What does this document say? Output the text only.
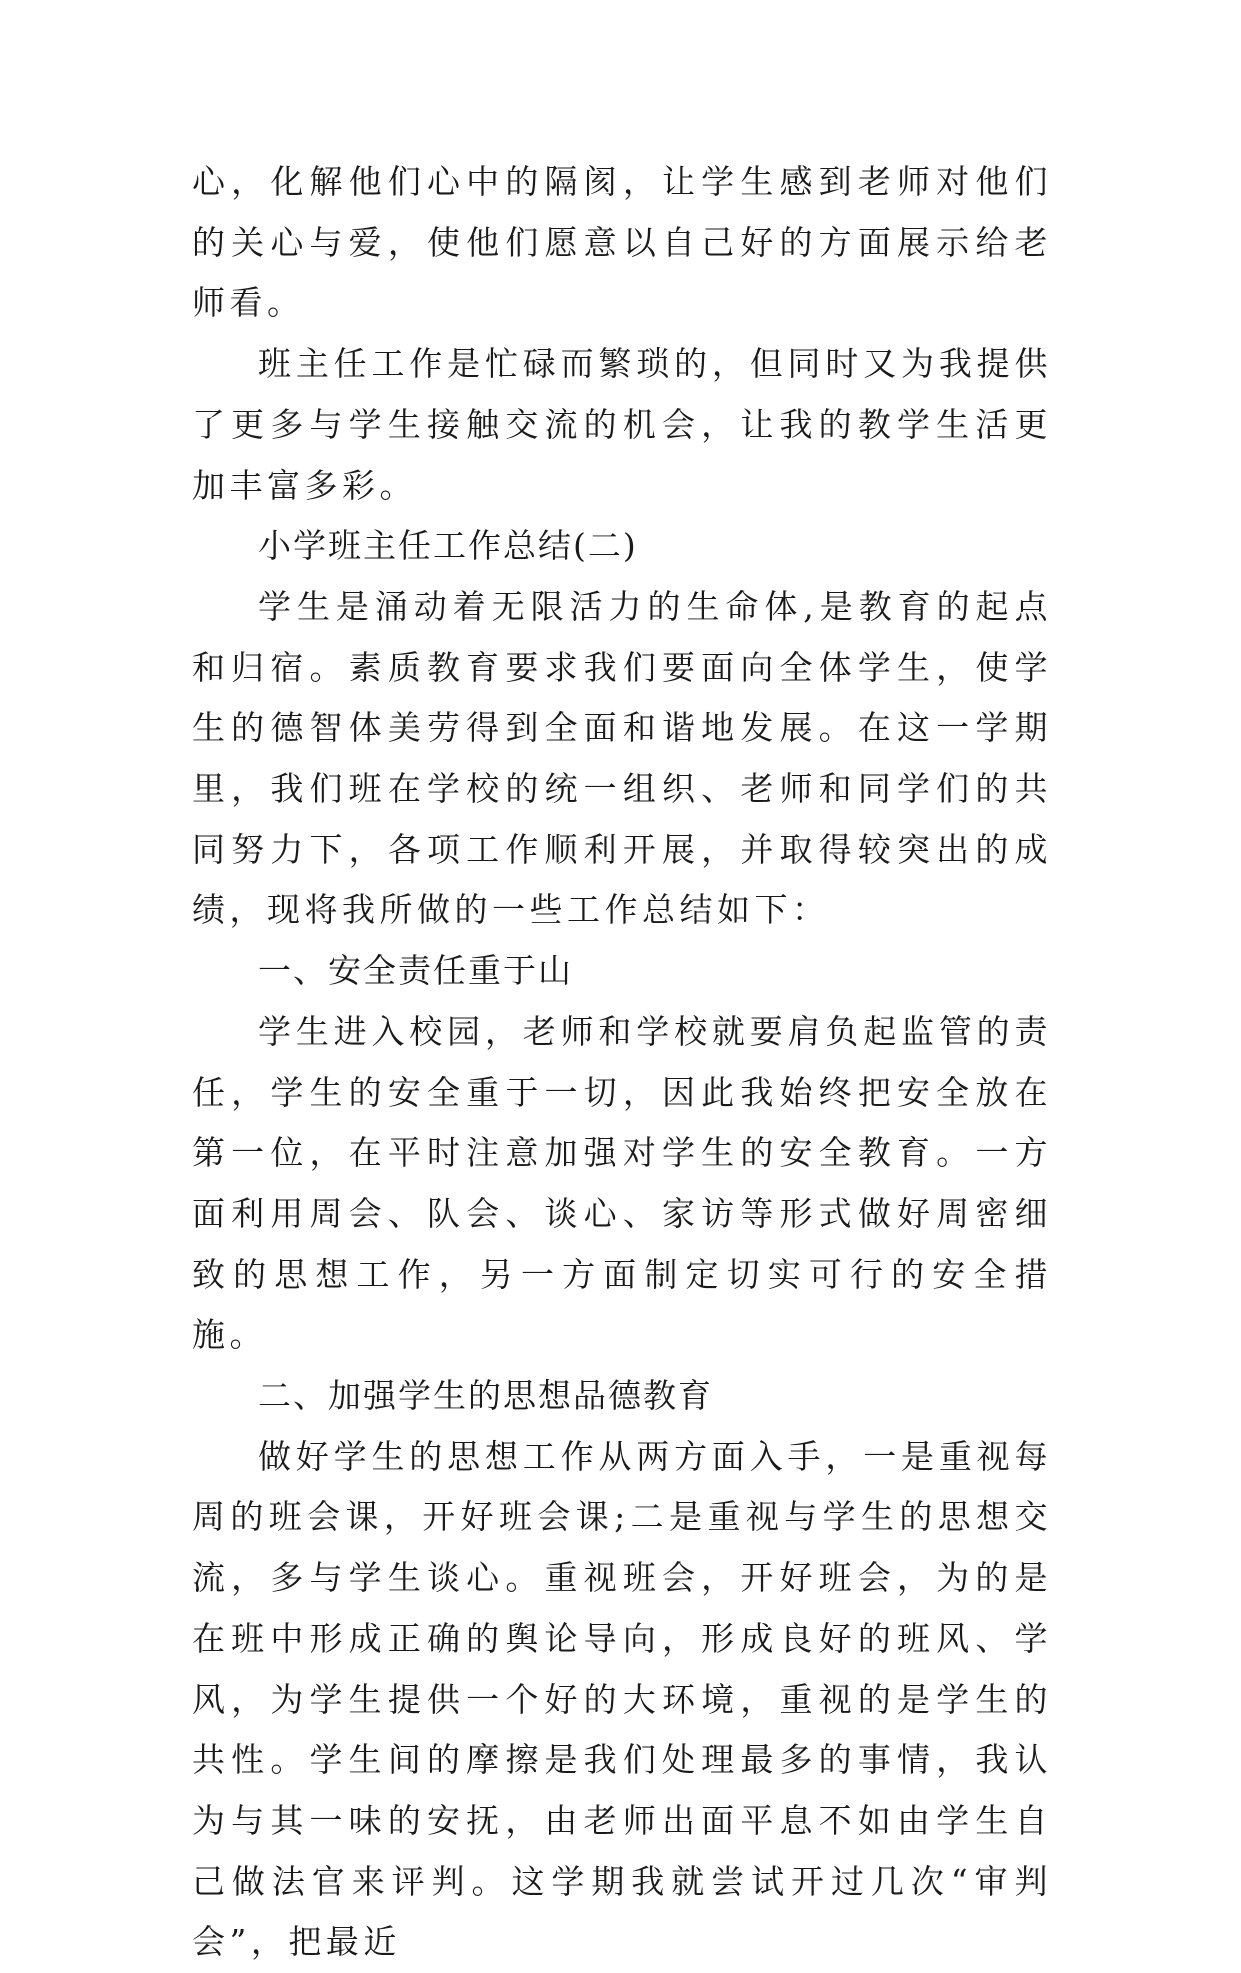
心，化解他们心中的隔阂，让学生感到老师对他们的关心与爱，使他们愿意以自己好的方面展示给老师看。

班主任工作是忙碌而繁琐的，但同时又为我提供了更多与学生接触交流的机会，让我的教学生活更加丰富多彩。

小学班主任工作总结(二)

学生是涌动着无限活力的生命体,是教育的起点和归宿。素质教育要求我们要面向全体学生，使学生的德智体美劳得到全面和谐地发展。在这一学期里，我们班在学校的统一组织、老师和同学们的共同努力下，各项工作顺利开展，并取得较突出的成绩，现将我所做的一些工作总结如下：

一、安全责任重于山

学生进入校园，老师和学校就要肩负起监管的责任，学生的安全重于一切，因此我始终把安全放在第一位，在平时注意加强对学生的安全教育。一方面利用周会、队会、谈心、家访等形式做好周密细致的思想工作，另一方面制定切实可行的安全措施。

二、加强学生的思想品德教育

做好学生的思想工作从两方面入手，一是重视每周的班会课，开好班会课;二是重视与学生的思想交流，多与学生谈心。重视班会，开好班会，为的是在班中形成正确的舆论导向，形成良好的班风、学风，为学生提供一个好的大环境，重视的是学生的共性。学生间的摩擦是我们处理最多的事情，我认为与其一味的安抚，由老师出面平息不如由学生自己做法官来评判。这学期我就尝试开过几次“审判会”，把最近
